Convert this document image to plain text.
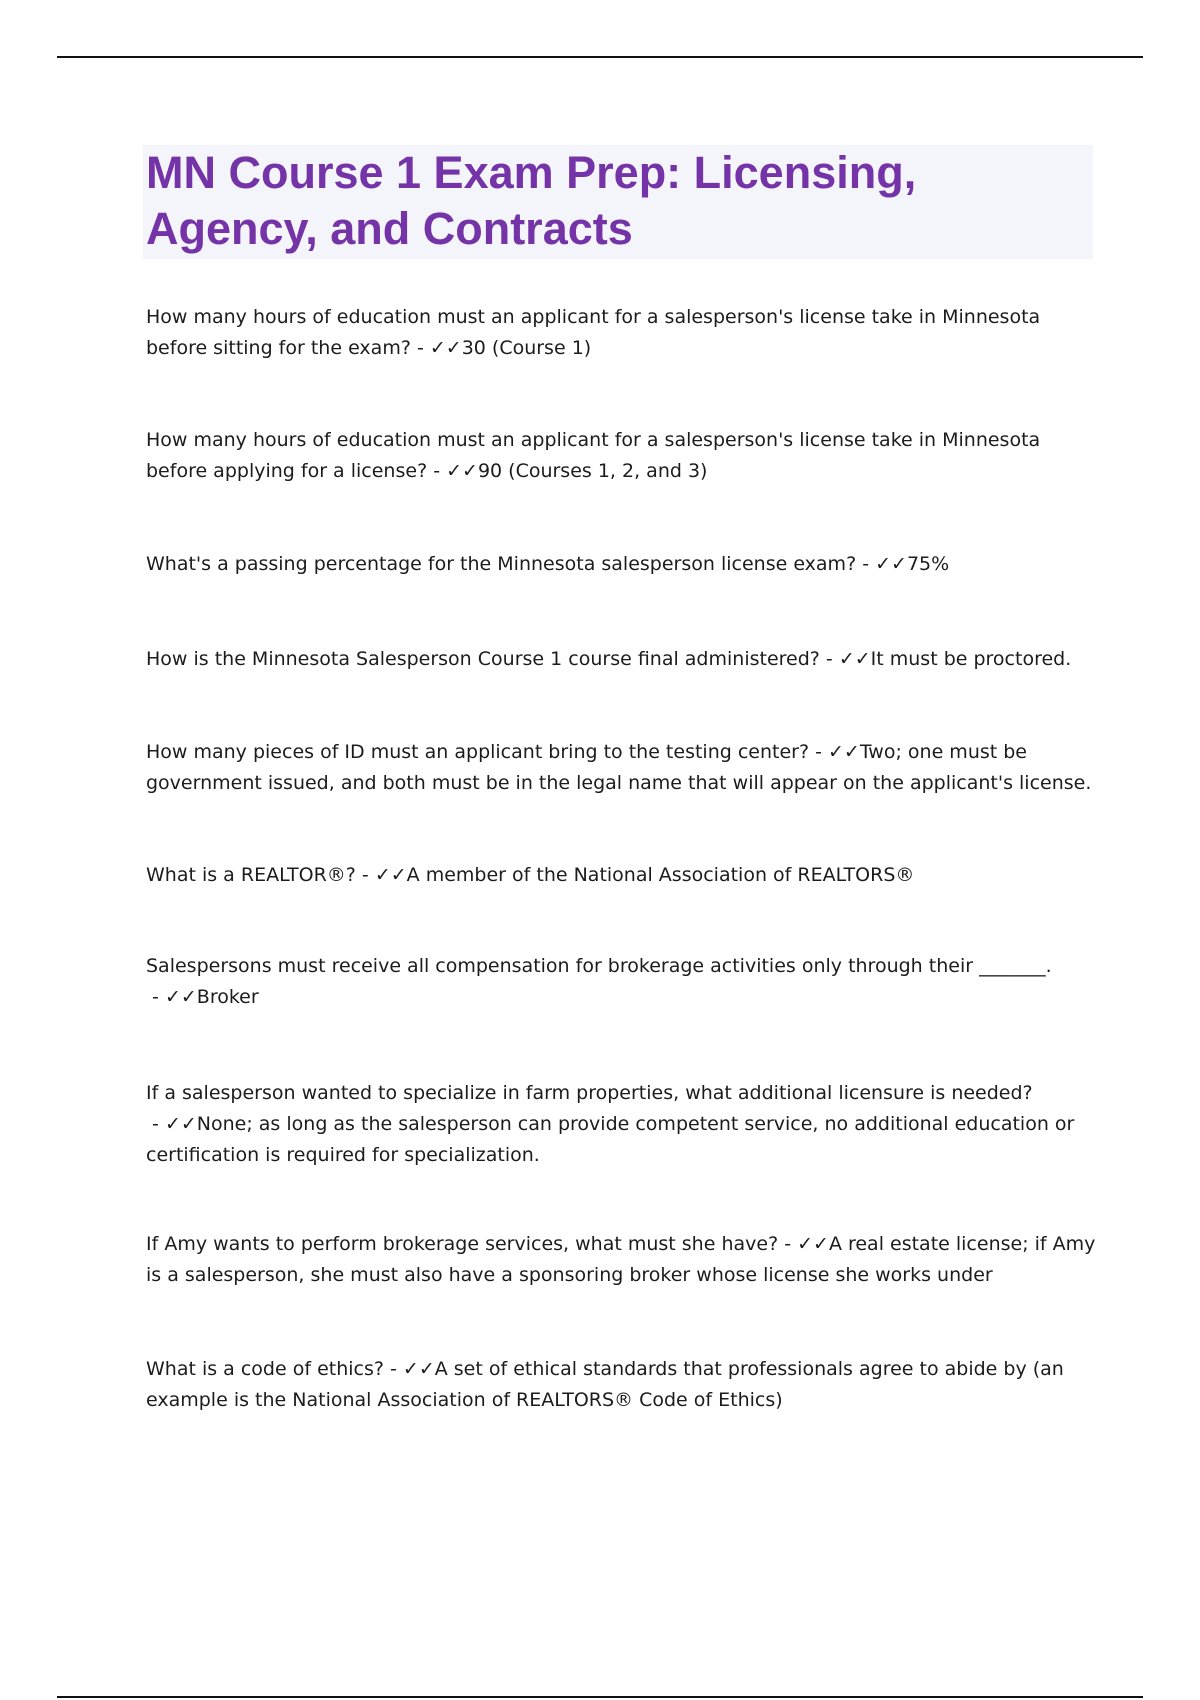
MN Course 1 Exam Prep: Licensing, Agency, and Contracts

How many hours of education must an applicant for a salesperson's license take in Minnesota before sitting for the exam? - ✓✓30 (Course 1)

How many hours of education must an applicant for a salesperson's license take in Minnesota before applying for a license? - ✓✓90 (Courses 1, 2, and 3)

What's a passing percentage for the Minnesota salesperson license exam? - ✓✓75%

How is the Minnesota Salesperson Course 1 course final administered? - ✓✓It must be proctored.

How many pieces of ID must an applicant bring to the testing center? - ✓✓Two; one must be government issued, and both must be in the legal name that will appear on the applicant's license.

What is a REALTOR®? - ✓✓A member of the National Association of REALTORS®

Salespersons must receive all compensation for brokerage activities only through their _______. - ✓✓Broker

If a salesperson wanted to specialize in farm properties, what additional licensure is needed? - ✓✓None; as long as the salesperson can provide competent service, no additional education or certification is required for specialization.

If Amy wants to perform brokerage services, what must she have? - ✓✓A real estate license; if Amy is a salesperson, she must also have a sponsoring broker whose license she works under

What is a code of ethics? - ✓✓A set of ethical standards that professionals agree to abide by (an example is the National Association of REALTORS® Code of Ethics)
